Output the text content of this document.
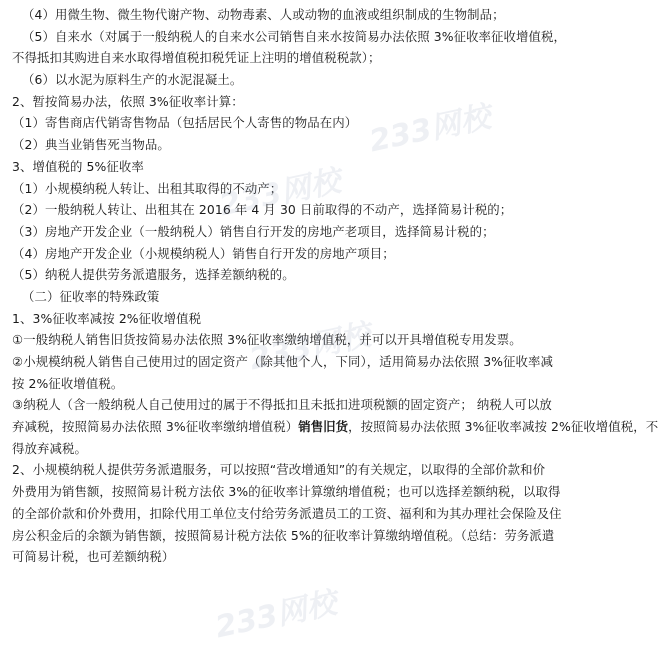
（4）用微生物、微生物代谢产物、动物毒素、人或动物的血液或组织制成的生物制品；
（5）自来水（对属于一般纳税人的自来水公司销售自来水按简易办法依照 3%征收率征收增值税，
不得抵扣其购进自来水取得增值税扣税凭证上注明的增值税税款）；
（6）以水泥为原料生产的水泥混凝土。
2、暂按简易办法，依照 3%征收率计算：
（1）寄售商店代销寄售物品（包括居民个人寄售的物品在内）
（2）典当业销售死当物品。
3、增值税的 5%征收率
（1）小规模纳税人转让、出租其取得的不动产；
（2）一般纳税人转让、出租其在 2016 年 4 月 30 日前取得的不动产，选择简易计税的；
（3）房地产开发企业（一般纳税人）销售自行开发的房地产老项目，选择简易计税的；
（4）房地产开发企业（小规模纳税人）销售自行开发的房地产项目；
（5）纳税人提供劳务派遣服务，选择差额纳税的。
（二）征收率的特殊政策
1、3%征收率减按 2%征收增值税
①一般纳税人销售旧货按简易办法依照 3%征收率缴纳增值税，并可以开具增值税专用发票。
②小规模纳税人销售自己使用过的固定资产（除其他个人，下同），适用简易办法依照 3%征收率减
按 2%征收增值税。
③纳税人（含一般纳税人自己使用过的属于不得抵扣且未抵扣进项税额的固定资产； 纳税人可以放
弃减税，按照简易办法依照 3%征收率缴纳增值税）销售旧货，按照简易办法依照 3%征收率减按 2%征收增值税，不
得放弃减税。
2、小规模纳税人提供劳务派遣服务，可以按照“营改增通知”的有关规定，以取得的全部价款和价
外费用为销售额，按照简易计税方法依 3%的征收率计算缴纳增值税；也可以选择差额纳税，以取得
的全部价款和价外费用，扣除代用工单位支付给劳务派遣员工的工资、福利和为其办理社会保险及住
房公积金后的余额为销售额，按照简易计税方法依 5%的征收率计算缴纳增值税。（总结：劳务派遣
可简易计税，也可差额纳税）
233网校
233网校
233网校
233网校
